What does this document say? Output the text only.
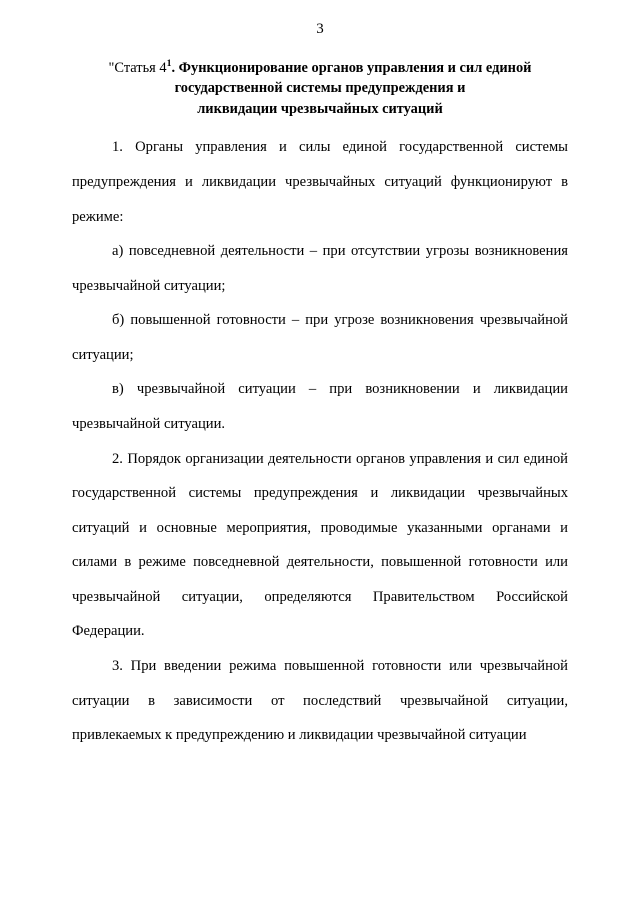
3
"Статья $4^1$. Функционирование органов управления и сил единой
государственной системы предупреждения и
ликвидации чрезвычайных ситуаций

1. Органы управления и силы единой государственной системы предупреждения и ликвидации чрезвычайных ситуаций функционируют в режиме:

а) повседневной деятельности – при отсутствии угрозы возникновения чрезвычайной ситуации;

б) повышенной готовности – при угрозе возникновения чрезвычайной ситуации;

в) чрезвычайной ситуации – при возникновении и ликвидации чрезвычайной ситуации.

2. Порядок организации деятельности органов управления и сил единой государственной системы предупреждения и ликвидации чрезвычайных ситуаций и основные мероприятия, проводимые указанными органами и силами в режиме повседневной деятельности, повышенной готовности или чрезвычайной ситуации, определяются Правительством Российской Федерации.

3. При введении режима повышенной готовности или чрезвычайной ситуации в зависимости от последствий чрезвычайной ситуации, привлекаемых к предупреждению и ликвидации чрезвычайной ситуации
